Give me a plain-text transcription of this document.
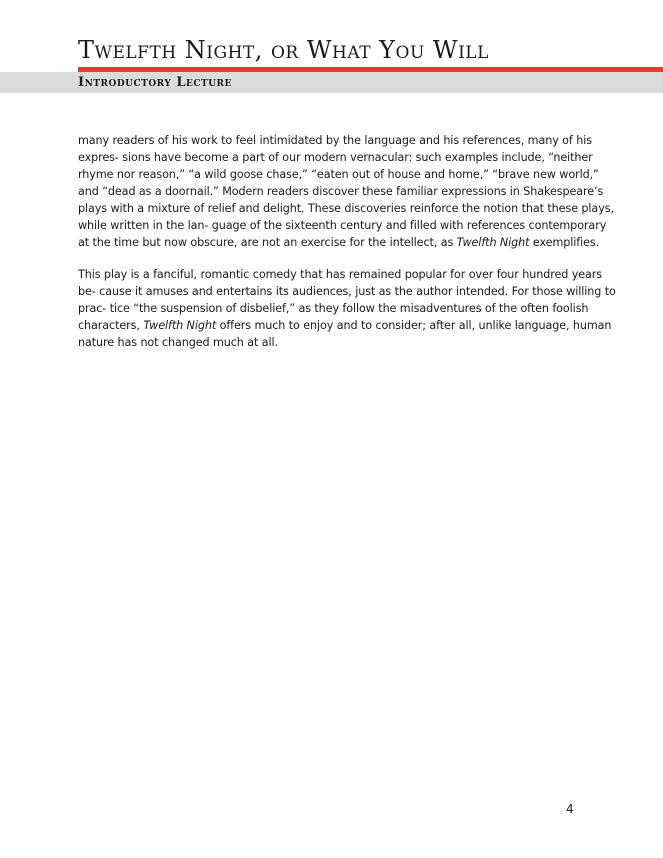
Twelfth Night, or What You Will
Introductory Lecture

many readers of his work to feel intimidated by the language and his references, many of his expres- sions have become a part of our modern vernacular: such examples include, “neither rhyme nor reason,” “a wild goose chase,” “eaten out of house and home,” “brave new world,” and “dead as a doornail.” Modern readers discover these familiar expressions in Shakespeare’s plays with a mixture of relief and delight. These discoveries reinforce the notion that these plays, while written in the lan- guage of the sixteenth century and filled with references contemporary at the time but now obscure, are not an exercise for the intellect, as Twelfth Night exemplifies.

This play is a fanciful, romantic comedy that has remained popular for over four hundred years be- cause it amuses and entertains its audiences, just as the author intended. For those willing to prac- tice “the suspension of disbelief,” as they follow the misadventures of the often foolish characters, Twelfth Night offers much to enjoy and to consider; after all, unlike language, human nature has not changed much at all.

4
